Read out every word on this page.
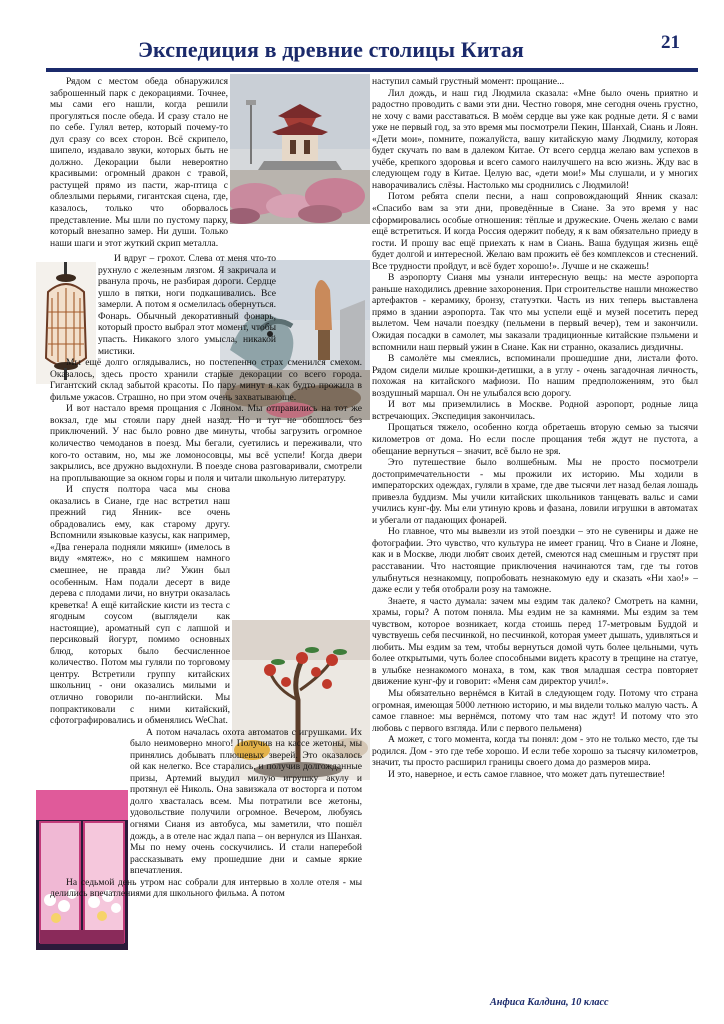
Экспедиция в древние столицы Китая	21

Рядом с местом обеда обнаружился заброшенный парк с декорациями. Точнее, мы сами его нашли, когда решили прогуляться после обеда. И сразу стало не по себе. Гулял ветер, который почему-то дул сразу со всех сторон. Всё скрипело, шипело, издавало звуки, которых быть не должно. Декорации были невероятно красивыми: огромный дракон с травой, растущей прямо из пасти, жар-птица с облезлыми перьями, гигантская сцена, где, казалось, только что оборвалось представление. Мы шли по пустому парку, который внезапно замер. Ни души. Только наши шаги и этот жуткий скрип металла.

И вдруг – грохот. Слева от меня что-то рухнуло с железным лязгом. Я закричала и рванула прочь, не разбирая дороги. Сердце ушло в пятки, ноги подкашивались. Все замерли. А потом я осмелилась обернуться. Фонарь. Обычный декоративный фонарь, который просто выбрал этот момент, чтобы упасть. Никакого злого умысла, никакой мистики.

Мы ещё долго оглядывались, но постепенно страх сменился смехом. Оказалось, здесь просто хранили старые декорации со всего города. Гигантский склад забытой красоты. По пару минут я как будто прожила в фильме ужасов. Страшно, но при этом очень захватывающе.

И вот настало время прощания с Лояном. Мы отправились на тот же вокзал, где мы стояли пару дней назад. Но и тут не обошлось без приключений. У нас было ровно две минуты, чтобы загрузить огромное количество чемоданов в поезд. Мы бегали, суетились и переживали, что кого-то оставим, но, мы же ломоносовцы, мы всё успели! Когда двери закрылись, все дружно выдохнули. В поезде снова разговаривали, смотрели на проплывающие за окном горы и поля и читали школьную литературу.

И спустя полтора часа мы снова оказались в Сиане, где нас встретил наш прежний гид Янник- все очень обрадовались ему, как старому другу. Вспомнили языковые казусы, как например, «Два генерала подняли мякиш» (имелось в виду «мятеж», но с мякишем намного смешнее, не правда ли? Ужин был особенным. Нам подали десерт в виде дерева с плодами личи, но внутри оказалась креветка! А ещё китайские кисти из теста с ягодным соусом (выглядели как настоящие), ароматный суп с лапшой и персиковый йогурт, помимо основных блюд, которых было бесчисленное количество. Потом мы гуляли по торговому центру. Встретили группу китайских школьниц - они оказались милыми и отлично говорили по-английски. Мы попрактиковали с ними китайский, сфотографировались и обменялись WeChat.

А потом началась охота автоматов с игрушками. Их было неимоверно много! Получив на кассе жетоны, мы принялись добывать плюшевых зверей. Это оказалось ой как нелегко. Все старались, и получив долгожданные призы, Артемий выудил милую игрушку акулу и протянул её Николь. Она завизжала от восторга и потом долго хвасталась всем. Мы потратили все жетоны, удовольствие получили огромное. Вечером, любуясь огнями Сианя из автобуса, мы заметили, что пошёл дождь, а в отеле нас ждал папа – он вернулся из Шанхая. Мы по нему очень соскучились. И стали наперебой рассказывать ему прошедшие дни и самые яркие впечатления.

На седьмой день утром нас собрали для интервью в холле отеля - мы делились впечатлениями для школьного фильма. А потом

наступил самый грустный момент: прощание...

Лил дождь, и наш гид Людмила сказала: «Мне было очень приятно и радостно проводить с вами эти дни. Честно говоря, мне сегодня очень грустно, не хочу с вами расставаться. В моём сердце вы уже как родные дети. Я с вами уже не первый год, за это время мы посмотрели Пекин, Шанхай, Сиань и Лоян. «Дети мои», помните, пожалуйста, вашу китайскую маму Людмилу, которая будет скучать по вам в далеком Китае. От всего сердца желаю вам успехов в учёбе, крепкого здоровья и всего самого наилучшего на всю жизнь. Жду вас в следующем году в Китае. Целую вас, «дети мои!» Мы слушали, и у многих наворачивались слёзы. Настолько мы сроднились с Людмилой!

Потом ребята спели песни, а наш сопровождающий Янник сказал: «Спасибо вам за эти дни, проведённые в Сиане. За это время у нас сформировались особые отношения: тёплые и дружеские. Очень желаю с вами ещё встретиться. И когда Россия одержит победу, я к вам обязательно приеду в гости. И прошу вас ещё приехать к нам в Сиань. Ваша будущая жизнь ещё будет долгой и интересной. Желаю вам прожить её без комплексов и стеснений. Все трудности пройдут, и всё будет хорошо!». Лучше и не скажешь!

В аэропорту Сианя мы узнали интересную вещь: на месте аэропорта раньше находились древние захоронения. При строительстве нашли множество артефактов - керамику, бронзу, статуэтки. Часть из них теперь выставлена прямо в здании аэропорта. Так что мы успели ещё и музей посетить перед вылетом. Чем начали поездку (пельмени в первый вечер), тем и закончили. Ожидая посадки в самолет, мы заказали традиционные китайские пэльмени и вспомнили наш первый ужин в Сиане. Как ни странно, оказались диздичны.

В самолёте мы смеялись, вспоминали прошедшие дни, листали фото. Рядом сидели милые крошки-детишки, а в углу - очень загадочная личность, похожая на китайского мафиози. По нашим предположениям, это был воздушный маршал. Он не улыбался всю дорогу.

И вот мы приземлились в Москве. Родной аэропорт, родные лица встречающих. Экспедиция закончилась.

Прощаться тяжело, особенно когда обретаешь вторую семью за тысячи километров от дома. Но если после прощания тебя ждут не пустота, а обещание вернуться – значит, всё было не зря.

Это путешествие было волшебным. Мы не просто посмотрели достопримечательности - мы прожили их историю. Мы ходили в императорских одеждах, гуляли в храме, где две тысячи лет назад белая лошадь привезла буддизм. Мы учили китайских школьников танцевать вальс и сами учились кунг-фу. Мы ели утиную кровь и фазана, ловили игрушки в автоматах и убегали от падающих фонарей.

Но главное, что мы вывезли из этой поездки – это не сувениры и даже не фотографии. Это чувство, что культура не имеет границ. Что в Сиане и Лояне, как и в Москве, люди любят своих детей, смеются над смешным и грустят при расставании. Что настоящие приключения начинаются там, где ты готов улыбнуться незнакомцу, попробовать незнакомую еду и сказать «Ни хао!» – даже если у тебя отобрали розу на таможне.

Знаете, я часто думала: зачем мы ездим так далеко? Смотреть на камни, храмы, горы? А потом поняла. Мы ездим не за камнями. Мы ездим за тем чувством, которое возникает, когда стоишь перед 17-метровым Буддой и чувствуешь себя песчинкой, но песчинкой, которая умеет дышать, удивляться и любить. Мы ездим за тем, чтобы вернуться домой чуть более цельными, чуть более открытыми, чуть более способными видеть красоту в трещине на статуе, в улыбке незнакомого монаха, в том, как твоя младшая сестра повторяет движение кунг-фу и говорит: «Меня сам директор учил!».

Мы обязательно вернёмся в Китай в следующем году. Потому что страна огромная, имеющая 5000 летнюю историю, и мы видели только малую часть. А самое главное: мы вернёмся, потому что там нас ждут! И потому что это любовь с первого взгляда. Или с первого пельменя)

А может, с того момента, когда ты понял: дом - это не только место, где ты родился. Дом - это где тебе хорошо. И если тебе хорошо за тысячу километров, значит, ты просто расширил границы своего дома до размеров мира.

И это, наверное, и есть самое главное, что может дать путешествие!

Анфиса Калдина, 10 класс
